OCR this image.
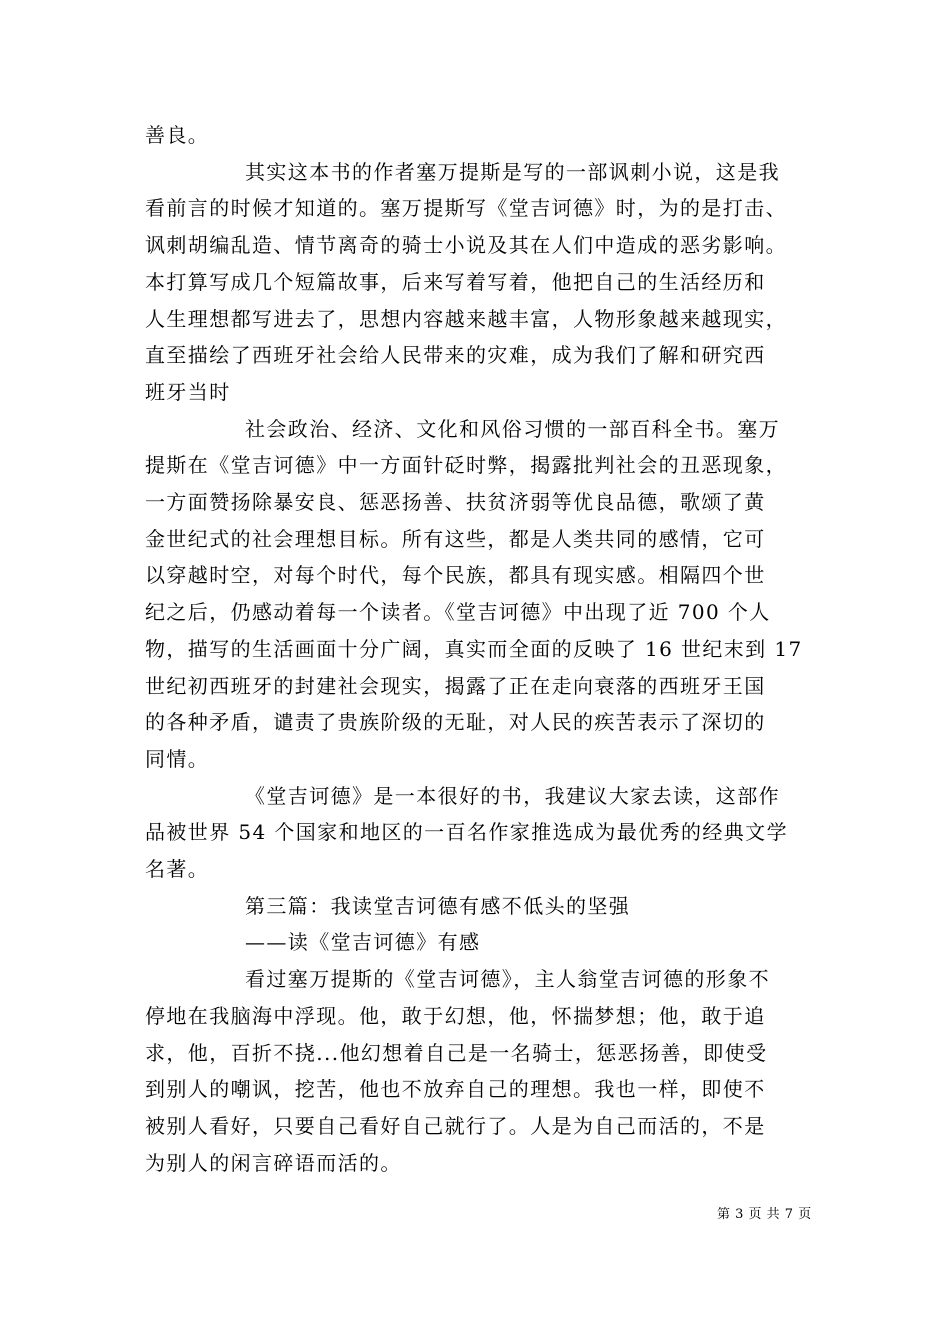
善良。

其实这本书的作者塞万提斯是写的一部讽刺小说，这是我

看前言的时候才知道的。塞万提斯写《堂吉诃德》时，为的是打击、
讽刺胡编乱造、情节离奇的骑士小说及其在人们中造成的恶劣影响。
本打算写成几个短篇故事，后来写着写着，他把自己的生活经历和
人生理想都写进去了，思想内容越来越丰富，人物形象越来越现实，
直至描绘了西班牙社会给人民带来的灾难，成为我们了解和研究西
班牙当时

社会政治、经济、文化和风俗习惯的一部百科全书。塞万

提斯在《堂吉诃德》中一方面针砭时弊，揭露批判社会的丑恶现象，
一方面赞扬除暴安良、惩恶扬善、扶贫济弱等优良品德，歌颂了黄
金世纪式的社会理想目标。所有这些，都是人类共同的感情，它可
以穿越时空，对每个时代，每个民族，都具有现实感。相隔四个世
纪之后，仍感动着每一个读者。《堂吉诃德》中出现了近 700 个人
物，描写的生活画面十分广阔，真实而全面的反映了 16 世纪末到 17
世纪初西班牙的封建社会现实，揭露了正在走向衰落的西班牙王国
的各种矛盾，谴责了贵族阶级的无耻，对人民的疾苦表示了深切的
同情。

《堂吉诃德》是一本很好的书，我建议大家去读，这部作

品被世界 54 个国家和地区的一百名作家推选成为最优秀的经典文学
名著。

第三篇：我读堂吉诃德有感不低头的坚强

——读《堂吉诃德》有感

看过塞万提斯的《堂吉诃德》，主人翁堂吉诃德的形象不

停地在我脑海中浮现。他，敢于幻想，他，怀揣梦想；他，敢于追
求，他，百折不挠...他幻想着自己是一名骑士，惩恶扬善，即使受
到别人的嘲讽，挖苦，他也不放弃自己的理想。我也一样，即使不
被别人看好，只要自己看好自己就行了。人是为自己而活的，不是
为别人的闲言碎语而活的。

第 3 页 共 7 页
